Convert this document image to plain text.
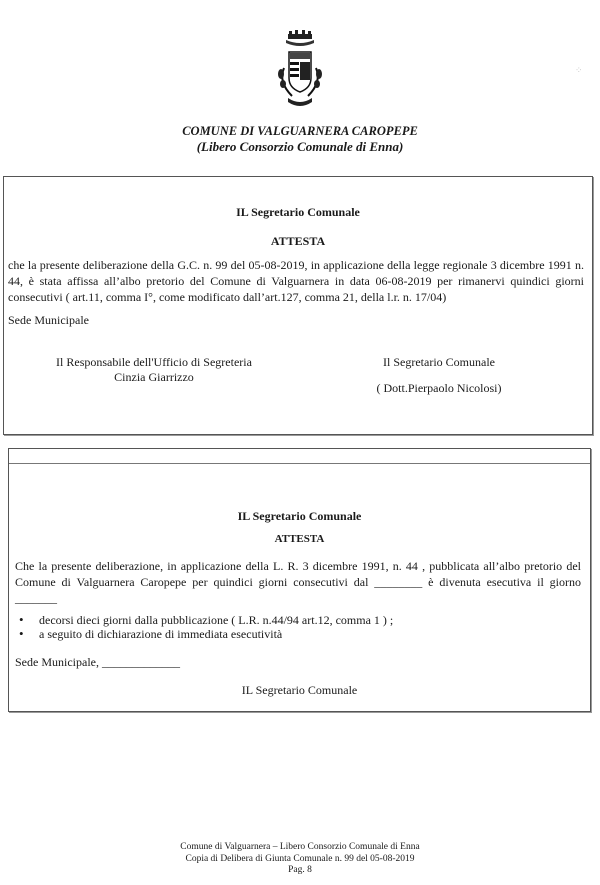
COMUNE DI VALGUARNERA CAROPEPE
(Libero Consorzio Comunale di Enna)
⁘
IL Segretario Comunale
ATTESTA
che la presente deliberazione della G.C. n. 99 del 05-08-2019, in applicazione della legge regionale 3 dicembre 1991 n. 44, è stata affissa all’albo pretorio del Comune di Valguarnera in data 06-08-2019 per rimanervi quindici giorni consecutivi ( art.11, comma I°, come modificato dall’art.127, comma 21, della l.r. n. 17/04)
Sede Municipale
Il Responsabile dell'Ufficio di Segreteria
Cinzia Giarrizzo
Il Segretario Comunale
( Dott.Pierpaolo Nicolosi)
IL Segretario Comunale
ATTESTA
Che la presente deliberazione, in applicazione della L. R. 3 dicembre 1991, n. 44 , pubblicata all’albo pretorio del Comune di Valguarnera Caropepe per quindici giorni consecutivi dal ________ è divenuta esecutiva il giorno _______
• decorsi dieci giorni dalla pubblicazione ( L.R. n.44/94 art.12, comma 1 ) ;
• a seguito di dichiarazione di immediata esecutività
Sede Municipale, _____________
IL Segretario Comunale
Comune di Valguarnera – Libero Consorzio Comunale di Enna
Copia di Delibera di Giunta Comunale n. 99 del 05-08-2019
Pag. 8
